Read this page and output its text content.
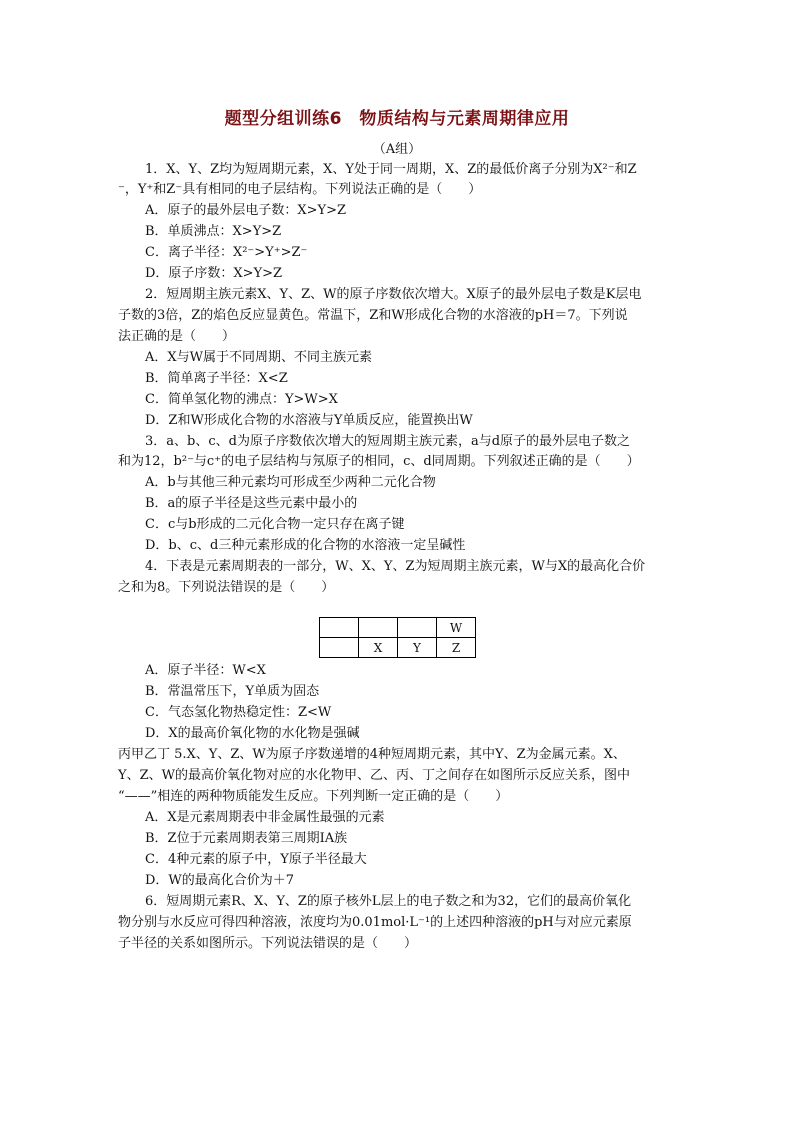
题型分组训练6　物质结构与元素周期律应用
（A组）
1．X、Y、Z均为短周期元素，X、Y处于同一周期，X、Z的最低价离子分别为X²⁻和Z
⁻，Y⁺和Z⁻具有相同的电子层结构。下列说法正确的是（　　）
A．原子的最外层电子数：X>Y>Z
B．单质沸点：X>Y>Z
C．离子半径：X²⁻>Y⁺>Z⁻
D．原子序数：X>Y>Z
2．短周期主族元素X、Y、Z、W的原子序数依次增大。X原子的最外层电子数是K层电
子数的3倍，Z的焰色反应显黄色。常温下，Z和W形成化合物的水溶液的pH＝7。下列说
法正确的是（　　）
A．X与W属于不同周期、不同主族元素
B．简单离子半径：X<Z
C．简单氢化物的沸点：Y>W>X
D．Z和W形成化合物的水溶液与Y单质反应，能置换出W
3．a、b、c、d为原子序数依次增大的短周期主族元素，a与d原子的最外层电子数之
和为12，b²⁻与c⁺的电子层结构与氖原子的相同，c、d同周期。下列叙述正确的是（　　）
A．b与其他三种元素均可形成至少两种二元化合物
B．a的原子半径是这些元素中最小的
C．c与b形成的二元化合物一定只存在离子键
D．b、c、d三种元素形成的化合物的水溶液一定呈碱性
4．下表是元素周期表的一部分，W、X、Y、Z为短周期主族元素，W与X的最高化合价
之和为8。下列说法错误的是（　　）
			W
	X	Y	Z
A．原子半径：W<X
B．常温常压下，Y单质为固态
C．气态氢化物热稳定性：Z<W
D．X的最高价氧化物的水化物是强碱
丙甲乙丁 5.X、Y、Z、W为原子序数递增的4种短周期元素，其中Y、Z为金属元素。X、
Y、Z、W的最高价氧化物对应的水化物甲、乙、丙、丁之间存在如图所示反应关系，图中
“——”相连的两种物质能发生反应。下列判断一定正确的是（　　）
A．X是元素周期表中非金属性最强的元素
B．Z位于元素周期表第三周期ⅠA族
C．4种元素的原子中，Y原子半径最大
D．W的最高化合价为＋7
6．短周期元素R、X、Y、Z的原子核外L层上的电子数之和为32，它们的最高价氧化
物分别与水反应可得四种溶液，浓度均为0.01mol·L⁻¹的上述四种溶液的pH与对应元素原
子半径的关系如图所示。下列说法错误的是（　　）
